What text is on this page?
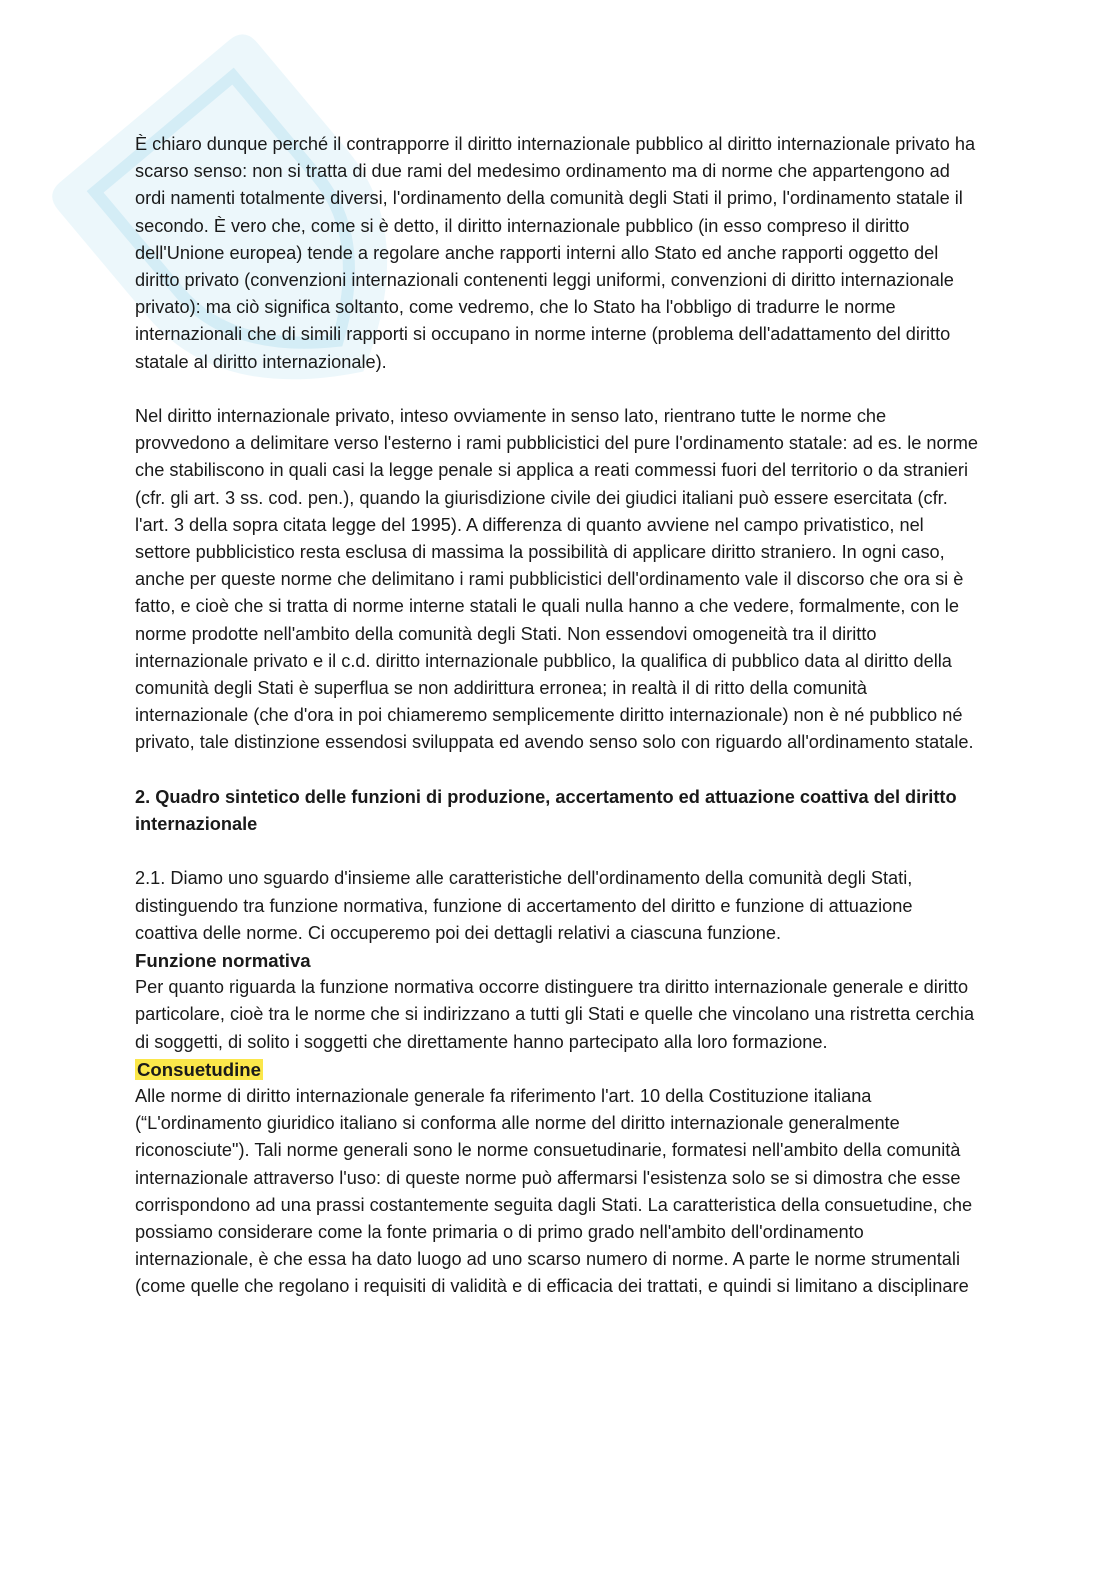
È chiaro dunque perché il contrapporre il diritto internazionale pubblico al diritto internazionale privato ha scarso senso: non si tratta di due rami del medesimo ordinamento ma di norme che appartengono ad ordi namenti totalmente diversi, l'ordinamento della comunità degli Stati il primo, l'ordinamento statale il secondo. È vero che, come si è detto, il diritto internazionale pubblico (in esso compreso il diritto dell'Unione europea) tende a regolare anche rapporti interni allo Stato ed anche rapporti oggetto del diritto privato (convenzioni internazionali contenenti leggi uniformi, convenzioni di diritto internazionale privato): ma ciò significa soltanto, come vedremo, che lo Stato ha l'obbligo di tradurre le norme internazionali che di simili rapporti si occupano in norme interne (problema dell'adattamento del diritto statale al diritto internazionale).

Nel diritto internazionale privato, inteso ovviamente in senso lato, rientrano tutte le norme che provvedono a delimitare verso l'esterno i rami pubblicistici del pure l'ordinamento statale: ad es. le norme che stabiliscono in quali casi la legge penale si applica a reati commessi fuori del territorio o da stranieri (cfr. gli art. 3 ss. cod. pen.), quando la giurisdizione civile dei giudici italiani può essere esercitata (cfr. l'art. 3 della sopra citata legge del 1995). A differenza di quanto avviene nel campo privatistico, nel settore pubblicistico resta esclusa di massima la possibilità di applicare diritto straniero. In ogni caso, anche per queste norme che delimitano i rami pubblicistici dell'ordinamento vale il discorso che ora si è fatto, e cioè che si tratta di norme interne statali le quali nulla hanno a che vedere, formalmente, con le norme prodotte nell'ambito della comunità degli Stati. Non essendovi omogeneità tra il diritto internazionale privato e il c.d. diritto internazionale pubblico, la qualifica di pubblico data al diritto della comunità degli Stati è superflua se non addirittura erronea; in realtà il di ritto della comunità internazionale (che d'ora in poi chiameremo semplicemente diritto internazionale) non è né pubblico né privato, tale distinzione essendosi sviluppata ed avendo senso solo con riguardo all'ordinamento statale.

2. Quadro sintetico delle funzioni di produzione, accertamento ed attuazione coattiva del diritto internazionale

2.1. Diamo uno sguardo d'insieme alle caratteristiche dell'ordinamento della comunità degli Stati, distinguendo tra funzione normativa, funzione di accertamento del diritto e funzione di attuazione coattiva delle norme. Ci occuperemo poi dei dettagli relativi a ciascuna funzione.

Funzione normativa

Per quanto riguarda la funzione normativa occorre distinguere tra diritto internazionale generale e diritto particolare, cioè tra le norme che si indirizzano a tutti gli Stati e quelle che vincolano una ristretta cerchia di soggetti, di solito i soggetti che direttamente hanno partecipato alla loro formazione.

Consuetudine

Alle norme di diritto internazionale generale fa riferimento l'art. 10 della Costituzione italiana (“L'ordinamento giuridico italiano si conforma alle norme del diritto internazionale generalmente riconosciute"). Tali norme generali sono le norme consuetudinarie, formatesi nell'ambito della comunità internazionale attraverso l'uso: di queste norme può affermarsi l'esistenza solo se si dimostra che esse corrispondono ad una prassi costantemente seguita dagli Stati. La caratteristica della consuetudine, che possiamo considerare come la fonte primaria o di primo grado nell'ambito dell'ordinamento internazionale, è che essa ha dato luogo ad uno scarso numero di norme. A parte le norme strumentali (come quelle che regolano i requisiti di validità e di efficacia dei trattati, e quindi si limitano a disciplinare
